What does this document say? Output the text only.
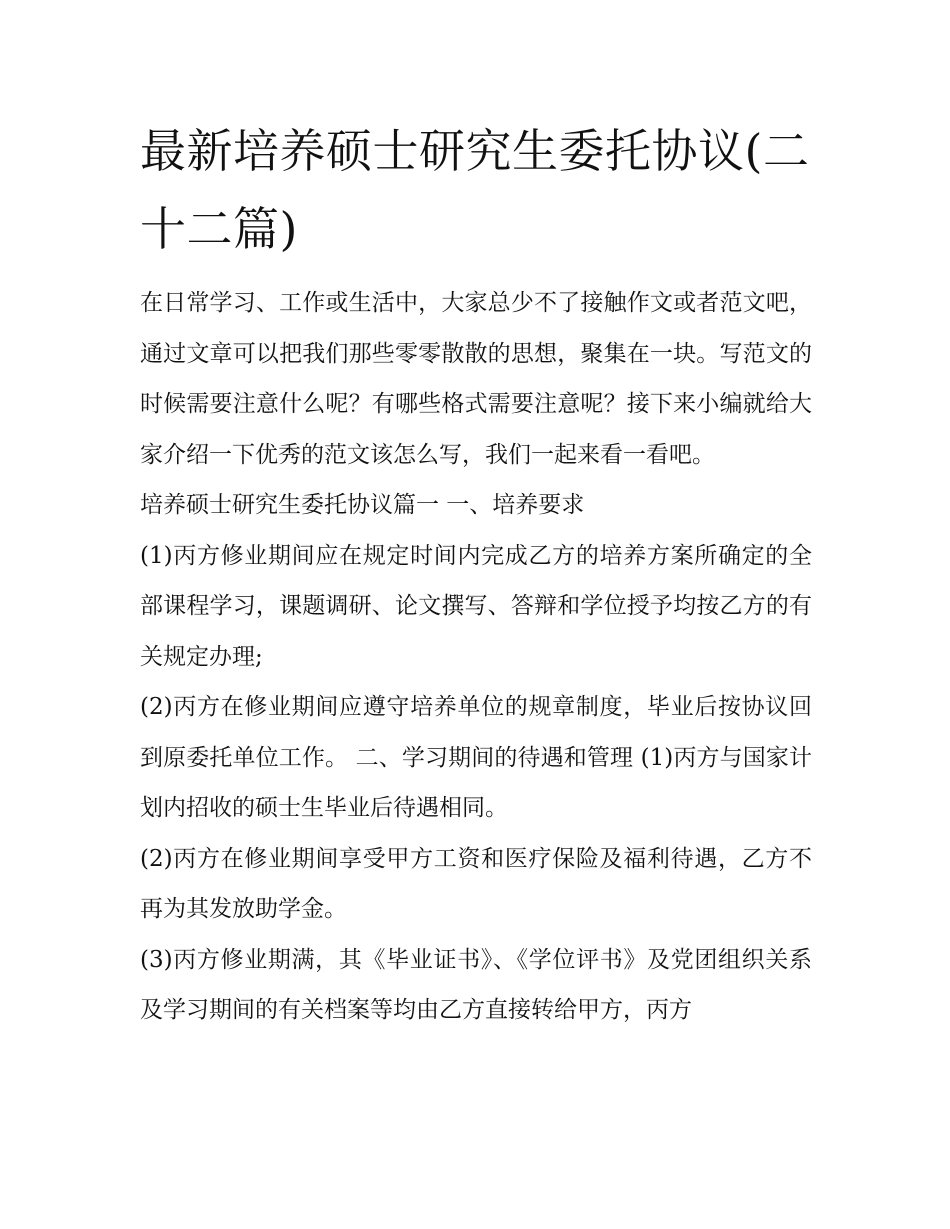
最新培养硕士研究生委托协议(二十二篇)

在日常学习、工作或生活中，大家总少不了接触作文或者范文吧，通过文章可以把我们那些零零散散的思想，聚集在一块。写范文的时候需要注意什么呢？有哪些格式需要注意呢？接下来小编就给大家介绍一下优秀的范文该怎么写，我们一起来看一看吧。

培养硕士研究生委托协议篇一 一、培养要求

(1)丙方修业期间应在规定时间内完成乙方的培养方案所确定的全部课程学习，课题调研、论文撰写、答辩和学位授予均按乙方的有关规定办理;

(2)丙方在修业期间应遵守培养单位的规章制度，毕业后按协议回到原委托单位工作。 二、学习期间的待遇和管理 (1)丙方与国家计划内招收的硕士生毕业后待遇相同。

(2)丙方在修业期间享受甲方工资和医疗保险及福利待遇，乙方不再为其发放助学金。

(3)丙方修业期满，其《毕业证书》、《学位评书》及党团组织关系及学习期间的有关档案等均由乙方直接转给甲方，丙方
